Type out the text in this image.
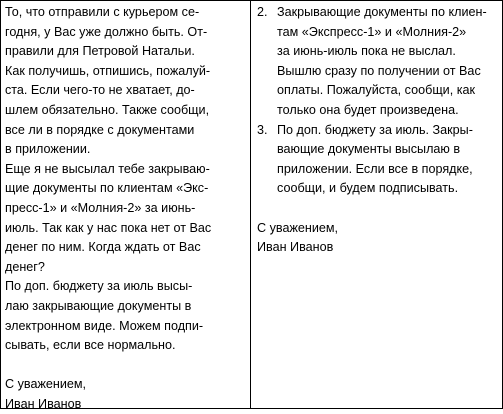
То, что отправили с курьером се-
годня, у Вас уже должно быть. От-
правили для Петровой Натальи.
Как получишь, отпишись, пожалуй-
ста. Если чего-то не хватает, до-
шлем обязательно. Также сообщи,
все ли в порядке с документами
в приложении.
Еще я не высылал тебе закрываю-
щие документы по клиентам «Экс-
пресс-1» и «Молния-2» за июнь-
июль. Так как у нас пока нет от Вас
денег по ним. Когда ждать от Вас
денег?
По доп. бюджету за июль высы-
лаю закрывающие документы в
электронном виде. Можем подпи-
сывать, если все нормально.
С уважением,
Иван Иванов
2. Закрывающие документы по клиен-
там «Экспресс-1» и «Молния-2»
за июнь-июль пока не выслал.
Вышлю сразу по получении от Вас
оплаты. Пожалуйста, сообщи, как
только она будет произведена.
3. По доп. бюджету за июль. Закры-
вающие документы высылаю в
приложении. Если все в порядке,
сообщи, и будем подписывать.
С уважением,
Иван Иванов
